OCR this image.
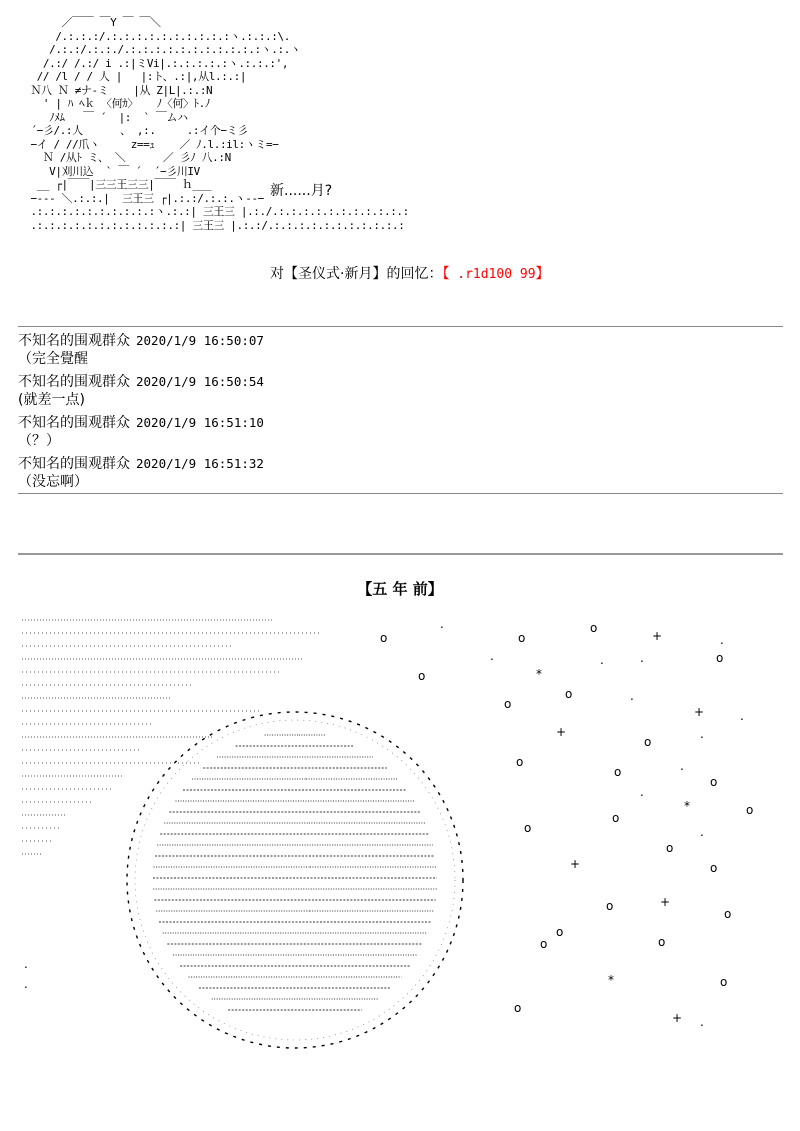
／￣￣ ￣Y ￣ ￣＼
/.:.:.:/.:.:.:.:.:.:.:.:.:.:ヽ.:.:.:\.
/.:.:/.:.:./.:.:.:.:.:.:.:.:.:.:.:ヽ.:.ヽ
/.:/ /.:/ i .:|ミVi|.:.:.:.:.:ヽ.:.:.:',
// /l / / 人 |   |:ト、.:|,从l.:.:|
Ｎ八 Ｎ ≠ナ-ミ    |从 Z|L|.:.:N
' | ﾊ ﾍｋ 〈何ｶ〉   ﾉ〈何〉ﾄ.ﾉ
ﾉﾒﾑ   ￣ ´  |:  ` ￣ムハ
´−彡/.:人      、 ,:.     .:イ个−ミ彡
−イ / //爪ヽ     z==ｭ    ／ ﾉ.l.:il:ヽミ=−
Ｎ /从ﾄ ミ、 ＼      ／ 彡ﾉ 八.:N
V|刈川込  ` ￣ ´  ´−彡川IV
__ ┌|￣￣|三三王三三|￣￣ ｈ___
−‐‐‐ ＼.:.:.|  三王三 ┌|.:.:/.:.:.ヽ‐‐−
.:.:.:.:.:.:.:.:.:.:ヽ.:.:| 三王三 |.:./.:.:.:.:.:.:.:.:.:.:.:
.:.:.:.:.:.:.:.:.:.:.:.:| 三王三 |.:.:/.:.:.:.:.:.:.:.:.:.:.:
新......月?
对【圣仪式·新月】的回忆：【 .r1d100 99】
不知名的围观群众 2020/1/9 16:50:07
（完全覺醒
不知名的围观群众 2020/1/9 16:50:54
(就差一点)
不知名的围观群众 2020/1/9 16:51:10
（？）
不知名的围观群众 2020/1/9 16:51:32
（没忘啊）
【五 年 前】
o
.
o
o
+	.
o
.
*
.	.	o
o
o	.
+	.
+
o
.
o
o	.
o
.
*	o
o
o
o
.
+	o
o	+
o
o
o	o
*	o
o
+ .
.
.
